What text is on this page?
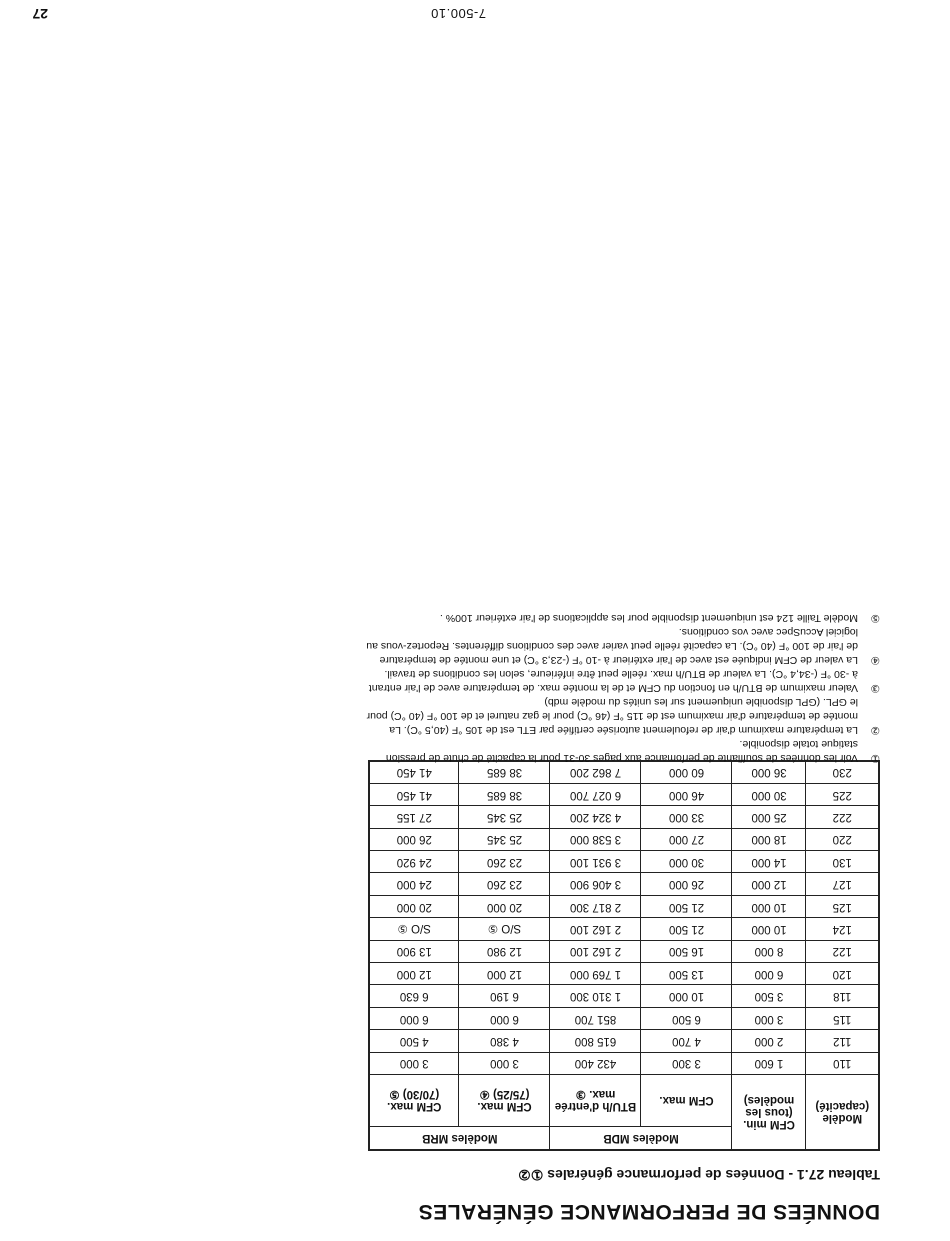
27	7-500.10
DONNÉES DE PERFORMANCE GÉNÉRALES
Tableau 27.1 - Données de performance générales ①②
Modèle (capacité)	CFM min. (tous les modèles)	Modèles MDB		Modèles MRB	
		CFM max.	BTU/h d'entrée max. ③	CFM max. (75/25) ④	CFM max. (70/30) ⑤
110	1 600	3 300	432 400	3 000	3 000
112	2 000	4 700	615 800	4 380	4 500
115	3 000	6 500	851 700	6 000	6 000
118	3 500	10 000	1 310 300	6 190	6 630
120	6 000	13 500	1 769 000	12 000	12 000
122	8 000	16 500	2 162 100	12 980	13 900
124	10 000	21 500	2 162 100	S/O ⑤	S/O ⑤
125	10 000	21 500	2 817 300	20 000	20 000
127	12 000	26 000	3 406 900	23 260	24 000
130	14 000	30 000	3 931 100	23 260	24 920
220	18 000	27 000	3 538 000	25 345	26 000
222	25 000	33 000	4 324 200	25 345	27 155
225	30 000	46 000	6 027 700	38 685	41 450
230	36 000	60 000	7 862 200	38 685	41 450
①
Voir les données de soufflante de perfomance aux pages 30-31 pour la capacité de chute de pression statique totale disponible.
②
La température maximum d'air de refoulement autorisée certifiée par ETL est de 105 °F (40,5 °C). La montée de température d'air maximum est de 115 °F (46 °C) pour le gaz naturel et de 100 °F (40 °C) pour le GPL. (GPL disponible uniquement sur les unités du modèle mdb)
③
Valeur maximum de BTU/h en fonction du CFM et de la montée max. de température avec de l'air entrant à -30 °F (-34,4 °C). La valeur de BTU/h max. réelle peut être inférieure, selon les conditions de travail.
④
La valeur de CFM indiquée est avec de l'air extérieur à -10 °F (-23,3 °C) et une montée de température de l'air de 100 °F (40 °C). La capacité réelle peut varier avec des conditions différentes. Reportez-vous au logiciel AccuSpec avec vos conditions.
⑤
Modèle Taille 124 est uniquement disponible pour les applications de l'air extérieur 100% .
